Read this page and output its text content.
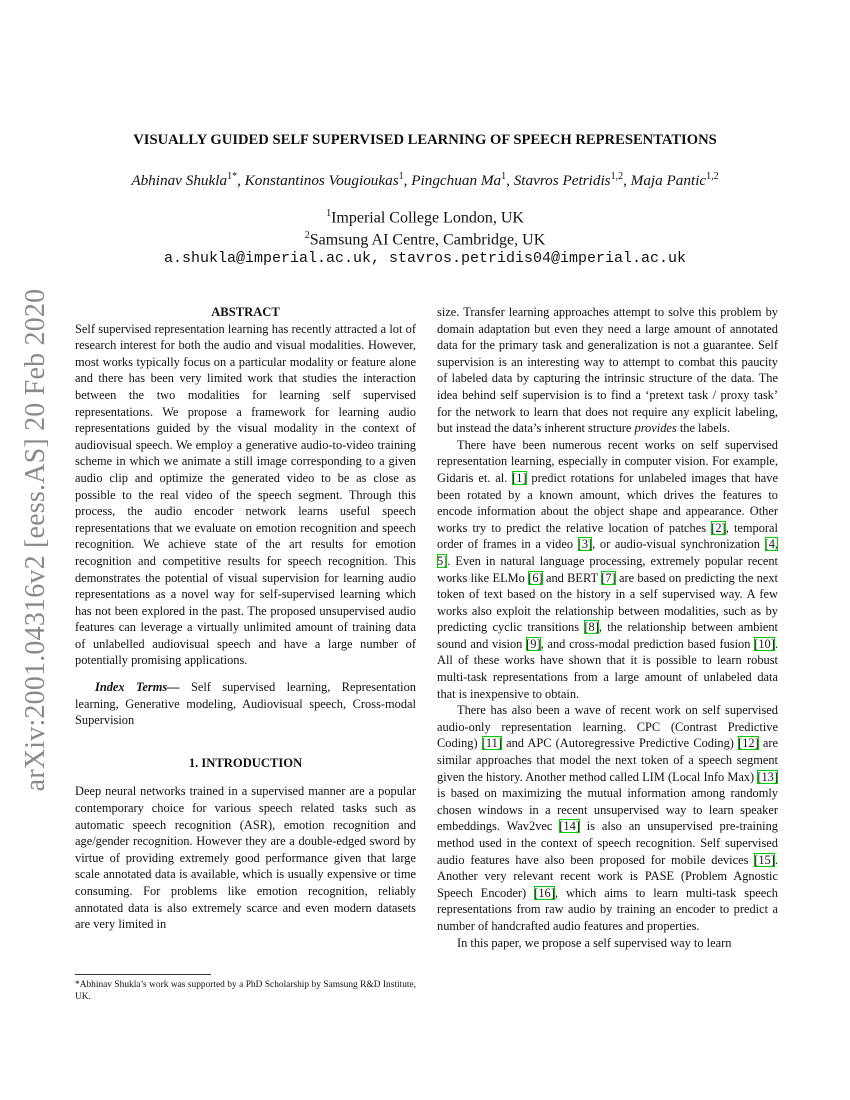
arXiv:2001.04316v2 [eess.AS] 20 Feb 2020
VISUALLY GUIDED SELF SUPERVISED LEARNING OF SPEECH REPRESENTATIONS
Abhinav Shukla$^{1*}$, Konstantinos Vougioukas$^1$, Pingchuan Ma$^1$, Stavros Petridis$^{1,2}$, Maja Pantic$^{1,2}$
$^1$Imperial College London, UK
$^2$Samsung AI Centre, Cambridge, UK
a.shukla@imperial.ac.uk, stavros.petridis04@imperial.ac.uk

ABSTRACT

Self supervised representation learning has recently attracted a lot of research interest for both the audio and visual modalities. However, most works typically focus on a particular modality or feature alone and there has been very limited work that studies the interaction between the two modalities for learning self supervised representations. We propose a framework for learning audio representations guided by the visual modality in the context of audiovisual speech. We employ a generative audio-to-video training scheme in which we animate a still image corresponding to a given audio clip and optimize the generated video to be as close as possible to the real video of the speech segment. Through this process, the audio encoder network learns useful speech representations that we evaluate on emotion recognition and speech recognition. We achieve state of the art results for emotion recognition and competitive results for speech recognition. This demonstrates the potential of visual supervision for learning audio representations as a novel way for self-supervised learning which has not been explored in the past. The proposed unsupervised audio features can leverage a virtually unlimited amount of training data of unlabelled audiovisual speech and have a large number of potentially promising applications.

Index Terms— Self supervised learning, Representation learning, Generative modeling, Audiovisual speech, Cross-modal Supervision

1. INTRODUCTION

Deep neural networks trained in a supervised manner are a popular contemporary choice for various speech related tasks such as automatic speech recognition (ASR), emotion recognition and age/gender recognition. However they are a double-edged sword by virtue of providing extremely good performance given that large scale annotated data is available, which is usually expensive or time consuming. For problems like emotion recognition, reliably annotated data is also extremely scarce and even modern datasets are very limited in

size. Transfer learning approaches attempt to solve this problem by domain adaptation but even they need a large amount of annotated data for the primary task and generalization is not a guarantee. Self supervision is an interesting way to attempt to combat this paucity of labeled data by capturing the intrinsic structure of the data. The idea behind self supervision is to find a ‘pretext task / proxy task’ for the network to learn that does not require any explicit labeling, but instead the data’s inherent structure provides the labels.

There have been numerous recent works on self supervised representation learning, especially in computer vision. For example, Gidaris et. al. [1] predict rotations for unlabeled images that have been rotated by a known amount, which drives the features to encode information about the object shape and appearance. Other works try to predict the relative location of patches [2], temporal order of frames in a video [3], or audio-visual synchronization [4, 5]. Even in natural language processing, extremely popular recent works like ELMo [6] and BERT [7] are based on predicting the next token of text based on the history in a self supervised way. A few works also exploit the relationship between modalities, such as by predicting cyclic transitions [8], the relationship between ambient sound and vision [9], and cross-modal prediction based fusion [10]. All of these works have shown that it is possible to learn robust multi-task representations from a large amount of unlabeled data that is inexpensive to obtain.

There has also been a wave of recent work on self supervised audio-only representation learning. CPC (Contrast Predictive Coding) [11] and APC (Autoregressive Predictive Coding) [12] are similar approaches that model the next token of a speech segment given the history. Another method called LIM (Local Info Max) [13] is based on maximizing the mutual information among randomly chosen windows in a recent unsupervised way to learn speaker embeddings. Wav2vec [14] is also an unsupervised pre-training method used in the context of speech recognition. Self supervised audio features have also been proposed for mobile devices [15]. Another very relevant recent work is PASE (Problem Agnostic Speech Encoder) [16], which aims to learn multi-task speech representations from raw audio by training an encoder to predict a number of handcrafted audio features and properties.

In this paper, we propose a self supervised way to learn

*Abhinav Shukla’s work was supported by a PhD Scholarship by Samsung R&D Institute, UK.
